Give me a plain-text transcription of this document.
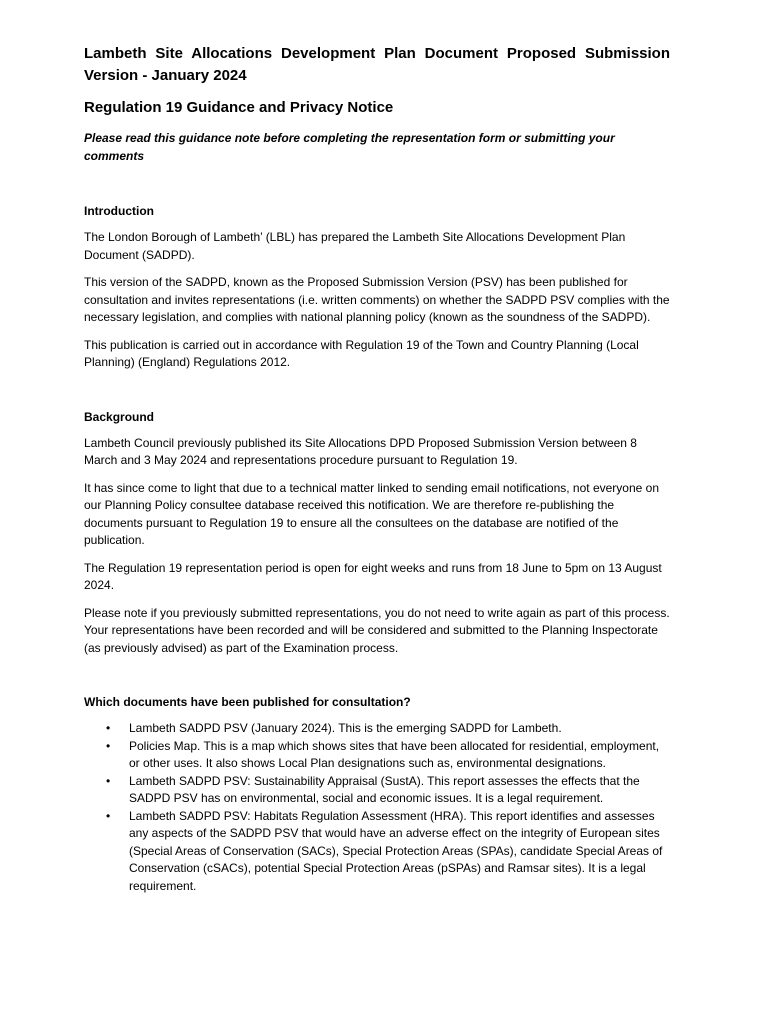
Lambeth Site Allocations Development Plan Document Proposed Submission Version - January 2024
Regulation 19 Guidance and Privacy Notice

Please read this guidance note before completing the representation form or submitting your comments

Introduction

The London Borough of Lambeth’ (LBL) has prepared the Lambeth Site Allocations Development Plan Document (SADPD).

This version of the SADPD, known as the Proposed Submission Version (PSV) has been published for consultation and invites representations (i.e. written comments) on whether the SADPD PSV complies with the necessary legislation, and complies with national planning policy (known as the soundness of the SADPD).

This publication is carried out in accordance with Regulation 19 of the Town and Country Planning (Local Planning) (England) Regulations 2012.

Background

Lambeth Council previously published its Site Allocations DPD Proposed Submission Version between 8 March and 3 May 2024 and representations procedure pursuant to Regulation 19.

It has since come to light that due to a technical matter linked to sending email notifications, not everyone on our Planning Policy consultee database received this notification. We are therefore re-publishing the documents pursuant to Regulation 19 to ensure all the consultees on the database are notified of the publication.

The Regulation 19 representation period is open for eight weeks and runs from 18 June to 5pm on 13 August 2024.

Please note if you previously submitted representations, you do not need to write again as part of this process. Your representations have been recorded and will be considered and submitted to the Planning Inspectorate (as previously advised) as part of the Examination process.

Which documents have been published for consultation?
• Lambeth SADPD PSV (January 2024). This is the emerging SADPD for Lambeth.
• Policies Map. This is a map which shows sites that have been allocated for residential, employment, or other uses. It also shows Local Plan designations such as, environmental designations.
• Lambeth SADPD PSV: Sustainability Appraisal (SustA). This report assesses the effects that the SADPD PSV has on environmental, social and economic issues. It is a legal requirement.
• Lambeth SADPD PSV: Habitats Regulation Assessment (HRA). This report identifies and assesses any aspects of the SADPD PSV that would have an adverse effect on the integrity of European sites (Special Areas of Conservation (SACs), Special Protection Areas (SPAs), candidate Special Areas of Conservation (cSACs), potential Special Protection Areas (pSPAs) and Ramsar sites). It is a legal requirement.
